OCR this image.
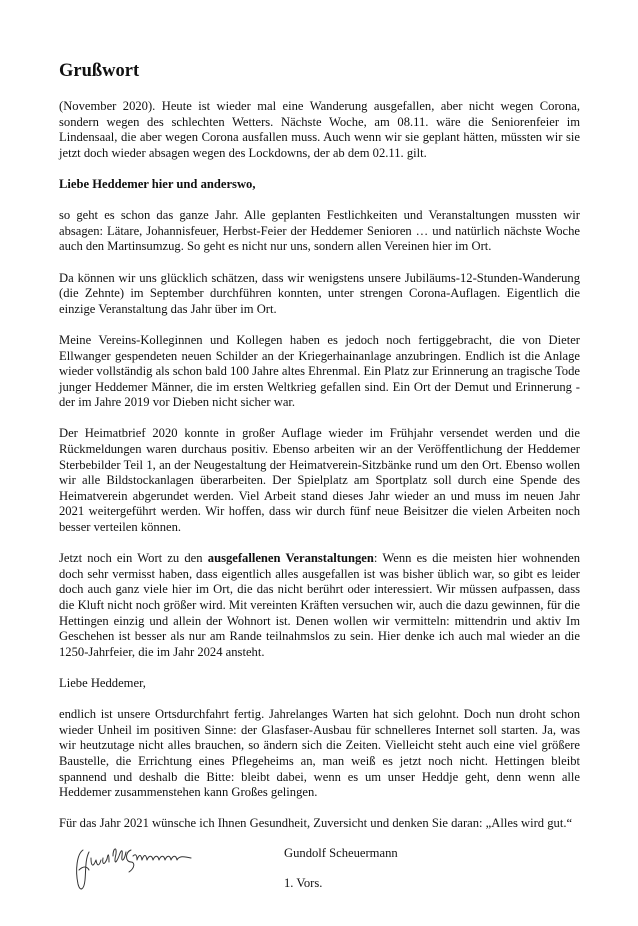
Grußwort

(November 2020). Heute ist wieder mal eine Wanderung ausgefallen, aber nicht wegen Corona, sondern wegen des schlechten Wetters. Nächste Woche, am 08.11. wäre die Seniorenfeier im Lindensaal, die aber wegen Corona ausfallen muss. Auch wenn wir sie geplant hätten, müssten wir sie jetzt doch wieder absagen wegen des Lockdowns, der ab dem 02.11. gilt.

Liebe Heddemer hier und anderswo,

so geht es schon das ganze Jahr. Alle geplanten Festlichkeiten und Veranstaltungen mussten wir absagen: Lätare, Johannisfeuer, Herbst-Feier der Heddemer Senioren … und natürlich nächste Woche auch den Martinsumzug. So geht es nicht nur uns, sondern allen Vereinen hier im Ort.

Da können wir uns glücklich schätzen, dass wir wenigstens unsere Jubiläums-12-Stunden-Wanderung (die Zehnte) im September durchführen konnten, unter strengen Corona-Auflagen. Eigentlich die einzige Veranstaltung das Jahr über im Ort.

Meine Vereins-Kolleginnen und Kollegen haben es jedoch noch fertiggebracht, die von Dieter Ellwanger gespendeten neuen Schilder an der Kriegerhainanlage anzubringen. Endlich ist die Anlage wieder vollständig als schon bald 100 Jahre altes Ehrenmal. Ein Platz zur Erinnerung an tragische Tode junger Heddemer Männer, die im ersten Weltkrieg gefallen sind. Ein Ort der Demut und Erinnerung - der im Jahre 2019 vor Dieben nicht sicher war.

Der Heimatbrief 2020 konnte in großer Auflage wieder im Frühjahr versendet werden und die Rückmeldungen waren durchaus positiv. Ebenso arbeiten wir an der Veröffentlichung der Heddemer Sterbebilder Teil 1, an der Neugestaltung der Heimatverein-Sitzbänke rund um den Ort. Ebenso wollen wir alle Bildstockanlagen überarbeiten. Der Spielplatz am Sportplatz soll durch eine Spende des Heimatverein abgerundet werden. Viel Arbeit stand dieses Jahr wieder an und muss im neuen Jahr 2021 weitergeführt werden. Wir hoffen, dass wir durch fünf neue Beisitzer die vielen Arbeiten noch besser verteilen können.

Jetzt noch ein Wort zu den ausgefallenen Veranstaltungen: Wenn es die meisten hier wohnenden doch sehr vermisst haben, dass eigentlich alles ausgefallen ist was bisher üblich war, so gibt es leider doch auch ganz viele hier im Ort, die das nicht berührt oder interessiert. Wir müssen aufpassen, dass die Kluft nicht noch größer wird. Mit vereinten Kräften versuchen wir, auch die dazu gewinnen, für die Hettingen einzig und allein der Wohnort ist. Denen wollen wir vermitteln: mittendrin und aktiv Im Geschehen ist besser als nur am Rande teilnahmslos zu sein. Hier denke ich auch mal wieder an die 1250-Jahrfeier, die im Jahr 2024 ansteht.

Liebe Heddemer,

endlich ist unsere Ortsdurchfahrt fertig. Jahrelanges Warten hat sich gelohnt. Doch nun droht schon wieder Unheil im positiven Sinne: der Glasfaser-Ausbau für schnelleres Internet soll starten. Ja, was wir heutzutage nicht alles brauchen, so ändern sich die Zeiten. Vielleicht steht auch eine viel größere Baustelle, die Errichtung eines Pflegeheims an, man weiß es jetzt noch nicht. Hettingen bleibt spannend und deshalb die Bitte: bleibt dabei, wenn es um unser Heddje geht, denn wenn alle Heddemer zusammenstehen kann Großes gelingen.

Für das Jahr 2021 wünsche ich Ihnen Gesundheit, Zuversicht und denken Sie daran: „Alles wird gut.“

Gundolf Scheuermann
1. Vors.
